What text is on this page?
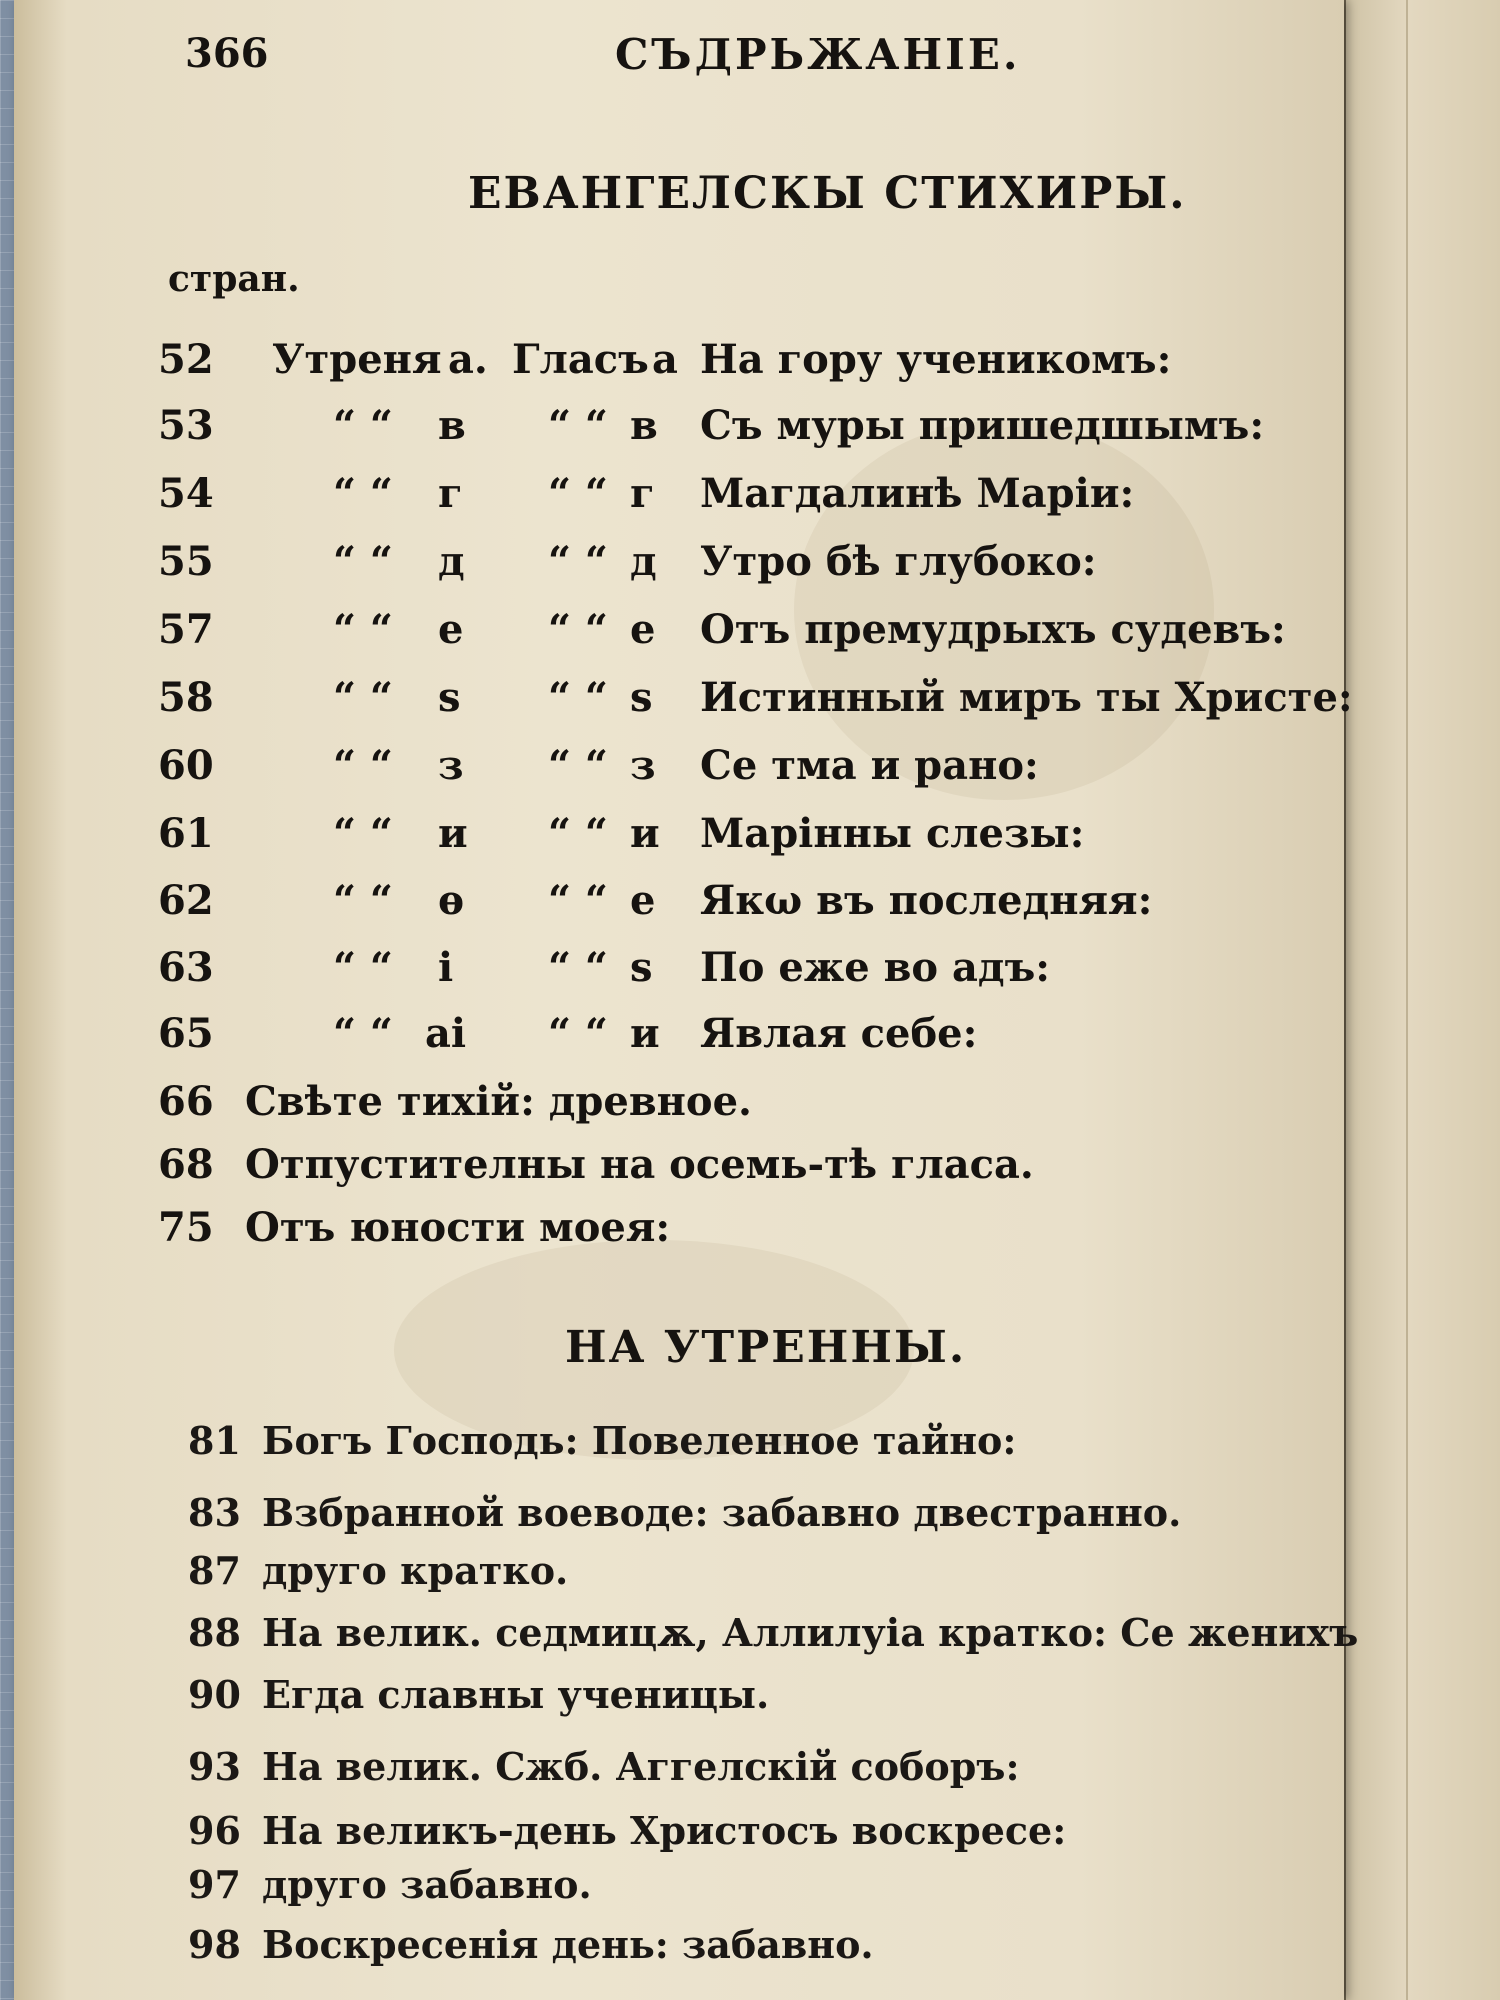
366	СЪДРЬЖАНІЕ.
ЕВАНГЕЛСКЫ СТИХИРЫ.
стран.
52	Утреня а. Гласъ а На гору ученикомъ:
53	“ “ в “ “ в Съ муры пришедшымъ:
54	“ “ г “ “ г Магдалинѣ Маріи:
55	“ “ д “ “ д Утро бѣ глубоко:
57	“ “ е “ “ е Отъ премудрыхъ судевъ:
58	“ “ ѕ “ “ ѕ Истинный миръ ты Христе:
60	“ “ з “ “ з Се тма и рано:
61	“ “ и “ “ и Марінны слезы:
62	“ “ ѳ “ “ е Якω въ последняя:
63	“ “ і “ “ ѕ По еже во адъ:
65	“ “ аі “ “ и Явлая себе:
66 Свѣте тихій: древное.
68 Отпустителны на осемь-тѣ гласа.
75 Отъ юности моея:
НА УТРЕННЫ.
81 Богъ Господь: Повеленное тайно:
83 Взбранной воеводе: забавно двестранно.
87 другο кратко.
88 На велик. седмицѫ, Аллилуіа кратко: Се женихъ
90 Егда славны ученицы.
93 На велик. Сжб. Аггелскій соборъ:
96 На великъ-день Христосъ воскресе:
97 другο забавно.
98 Воскресенія день: забавно.
